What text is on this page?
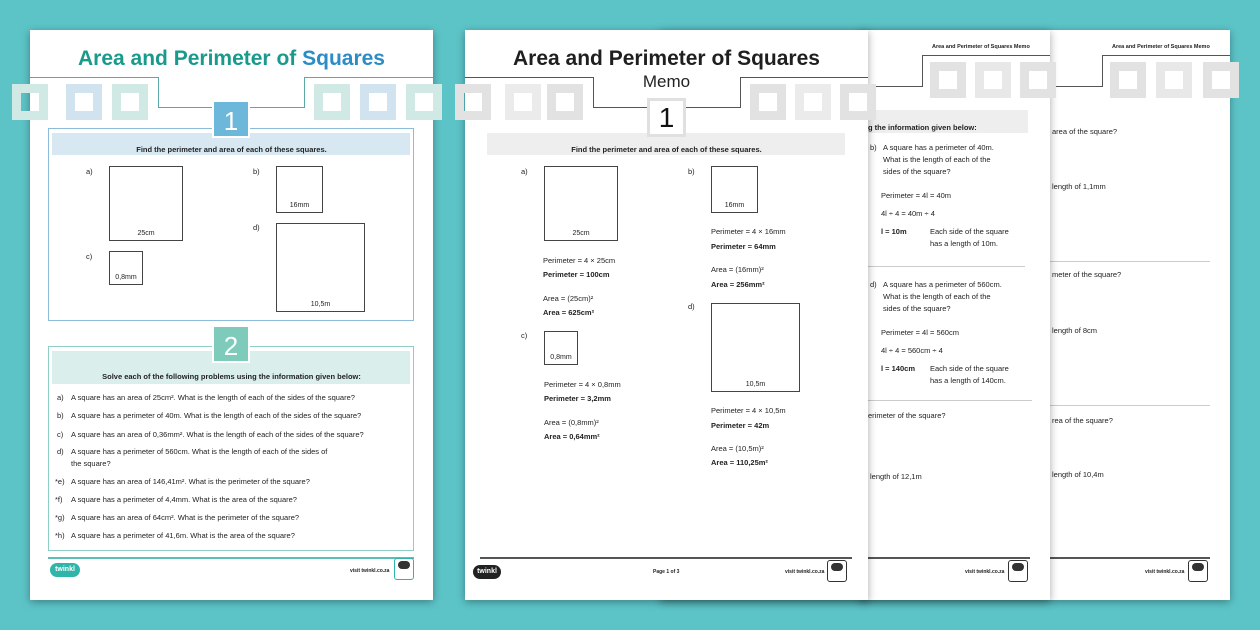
Area and Perimeter of Squares Memo
area of the square?
length of 1,1mm
meter of the square?
length of 8cm
rea of the square?
length of 10,4m
visit twinkl.co.za
Area and Perimeter of Squares Memo
g the information given below:
b) A square has a perimeter of 40m.
What is the length of each of the
sides of the square?
Perimeter = 4l = 40m
4l ÷ 4 = 40m ÷ 4
l = 10m	Each side of the square
has a length of 10m.
d) A square has a perimeter of 560cm.
What is the length of each of the
sides of the square?
Perimeter = 4l = 560cm
4l ÷ 4 = 560cm ÷ 4
l = 140cm Each side of the square
has a length of 140cm.
erimeter of the square?
length of 12,1m
visit twinkl.co.za
Area and Perimeter of Squares
1
Find the perimeter and area of each of these squares.
a)
25cm
b)
16mm
c)
0,8mm
d)
10,5m
2
Solve each of the following problems using the information given below:
a) A square has an area of 25cm². What is the length of each of the sides of the square?
b) A square has a perimeter of 40m. What is the length of each of the sides of the square?
c) A square has an area of 0,36mm². What is the length of each of the sides of the square?
d) A square has a perimeter of 560cm. What is the length of each of the sides of
the square?
*e) A square has an area of 146,41m². What is the perimeter of the square?
*f) A square has a perimeter of 4,4mm. What is the area of the square?
*g) A square has an area of 64cm². What is the perimeter of the square?
*h) A square has a perimeter of 41,6m. What is the area of the square?
twinkl	visit twinkl.co.za
Area and Perimeter of Squares
Memo
1
Find the perimeter and area of each of these squares.
a)
25cm
Perimeter = 4 × 25cm
Perimeter = 100cm
Area = (25cm)²
Area = 625cm²
b)
16mm
Perimeter = 4 × 16mm
Perimeter = 64mm
Area = (16mm)²
Area = 256mm²
c)
0,8mm
Perimeter = 4 × 0,8mm
Perimeter = 3,2mm
Area = (0,8mm)²
Area = 0,64mm²
d)
10,5m
Perimeter = 4 × 10,5m
Perimeter = 42m
Area = (10,5m)²
Area = 110,25m²
twinkl	Page 1 of 3	visit twinkl.co.za
